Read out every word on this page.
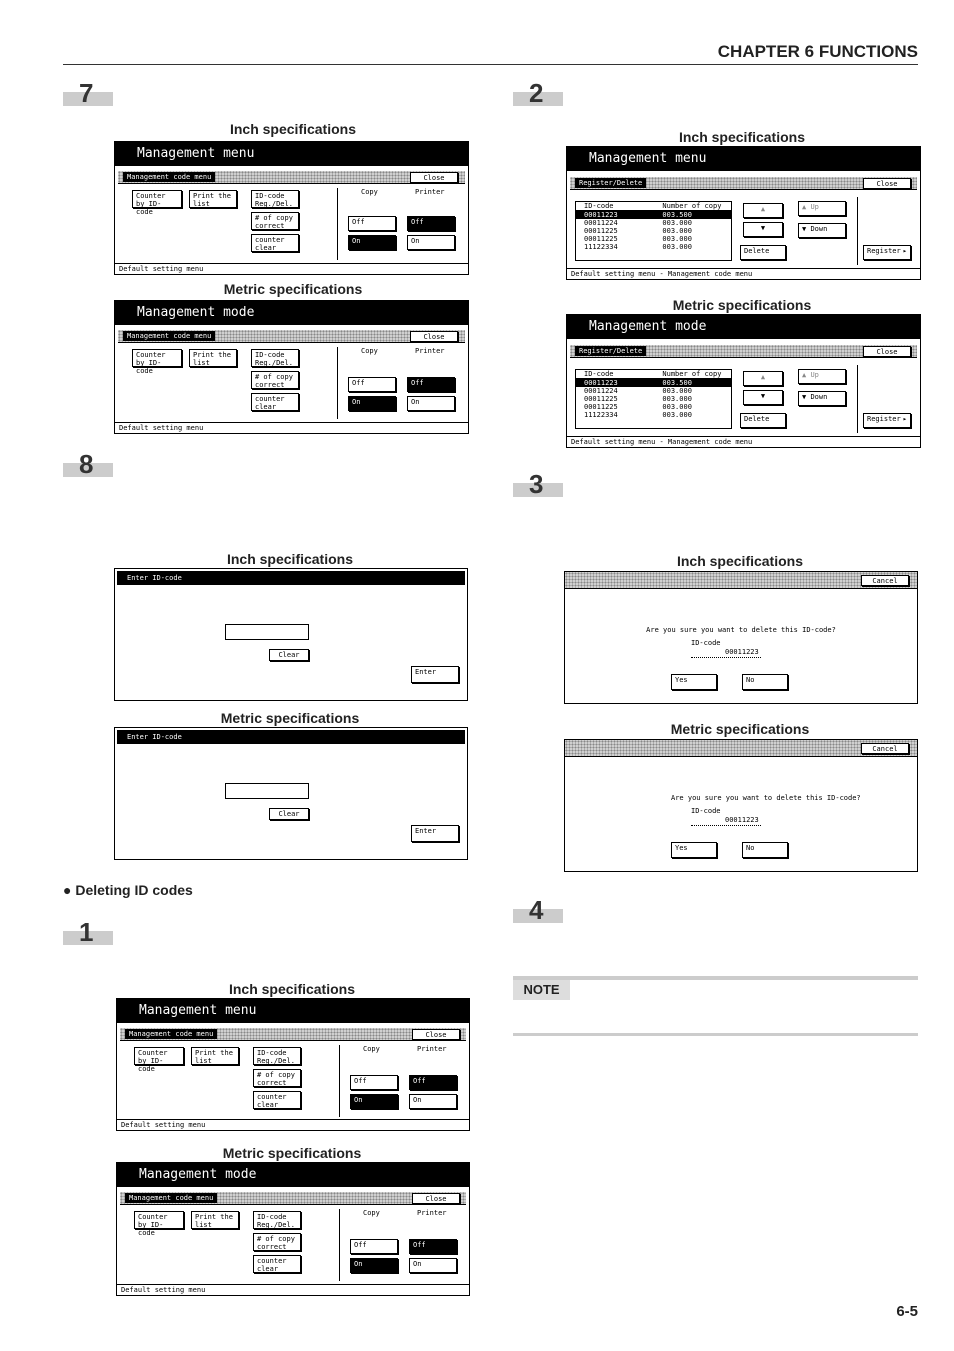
CHAPTER 6 FUNCTIONS
7
Inch specifications
Management menu
Management code menu	Close
Counter by ID-code
Print the list
ID-code Reg./Del.
# of copy correct
counter clear
Copy	Printer
Off
On
Off
On
Default setting menu
Metric specifications
Management mode
Management code menu	Close
Counter by ID-code
Print the list
ID-code Reg./Del.
# of copy correct
counter clear
Copy	Printer
Off
On
Off
On
Default setting menu
8
Inch specifications
Enter ID-code
Clear
Enter
Metric specifications
Enter ID-code
Clear
Enter
● Deleting ID codes
1
Inch specifications
Management menu
Management code menu	Close
Counter by ID-code
Print the list
ID-code Reg./Del.
# of copy correct
counter clear
Copy	Printer
Off
On
Off
On
Default setting menu
Metric specifications
Management mode
Management code menu	Close
Counter by ID-code
Print the list
ID-code Reg./Del.
# of copy correct
counter clear
Copy	Printer
Off
On
Off
On
Default setting menu
2
Inch specifications
Management menu
Register/Delete	Close
ID-code	Number of copy
00011223	003.500
00011224	003.000
00011225	003.000
00011225	003.000
11122334	003.000
▲
▼
▲ Up
▼ Down
Delete	Register ▸
Default setting menu - Management code menu
Metric specifications
Management mode
Register/Delete	Close
ID-code	Number of copy
00011223	003.500
00011224	003.000
00011225	003.000
00011225	003.000
11122334	003.000
▲
▼
▲ Up
▼ Down
Delete	Register ▸
Default setting menu - Management code menu
3
Inch specifications
Cancel
Are you sure you want to delete this ID-code?
ID-code
00011223
Yes	No
Metric specifications
Cancel
Are you sure you want to delete this ID-code?
ID-code
00011223
Yes	No
4
NOTE
6-5
